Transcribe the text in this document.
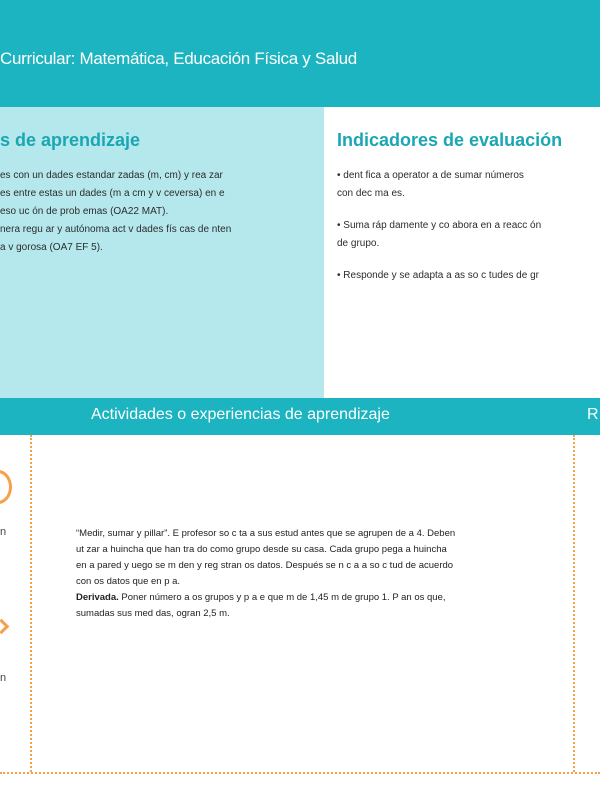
Curricular: Matemática, Educación Física y Salud
s de aprendizaje
es con un dades estandar zadas (m, cm) y rea zar
es entre estas un dades (m a cm y v ceversa) en e
eso uc ón de prob emas (OA22 MAT).
nera regu ar y autónoma act v dades fís cas de nten
a v gorosa (OA7 EF 5).
Indicadores de evaluación
• dent fica a operator a de sumar números
con dec ma es.
• Suma ráp damente y co abora en a reacc ón
de grupo.
• Responde y se adapta a as so c tudes de gr
Actividades o experiencias de aprendizaje	R
n
n

“Medir, sumar y pillar”. E profesor so c ta a sus estud antes que se agrupen de a 4. Deben

ut zar a huincha que han tra do como grupo desde su casa. Cada grupo pega a huincha

en a pared y uego se m den y reg stran os datos. Después se n c a a so c tud de acuerdo

con os datos que en p a.

Derivada. Poner número a os grupos y p a e que m de 1,45 m de grupo 1. P an os que,

sumadas sus med das, ogran 2,5 m.
